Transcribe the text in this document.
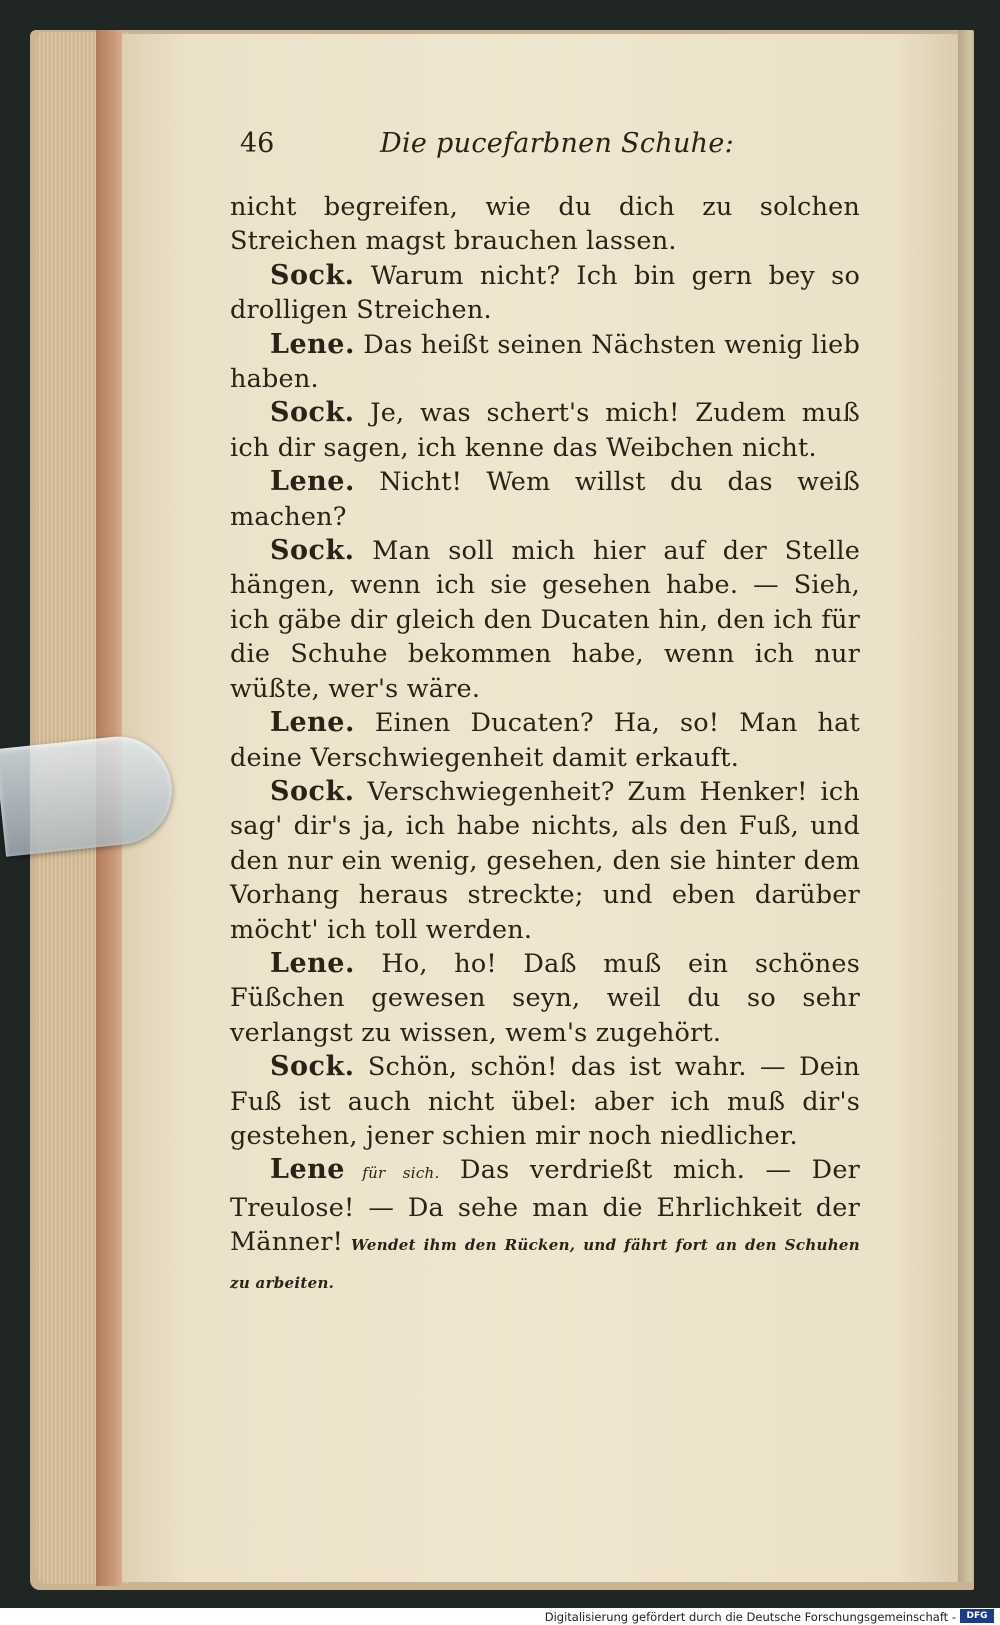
46	Die pucefarbnen Schuhe:

nicht begreifen, wie du dich zu solchen Streichen magst brauchen lassen.

Sock. Warum nicht? Ich bin gern bey so drolligen Streichen.

Lene. Das heißt seinen Nächsten wenig lieb haben.

Sock. Je, was schert's mich! Zudem muß ich dir sagen, ich kenne das Weibchen nicht.

Lene. Nicht! Wem willst du das weiß machen?

Sock. Man soll mich hier auf der Stelle hängen, wenn ich sie gesehen habe. — Sieh, ich gäbe dir gleich den Ducaten hin, den ich für die Schuhe bekommen habe, wenn ich nur wüßte, wer's wäre.

Lene. Einen Ducaten? Ha, so! Man hat deine Verschwiegenheit damit erkauft.

Sock. Verschwiegenheit? Zum Henker! ich sag' dir's ja, ich habe nichts, als den Fuß, und den nur ein wenig, gesehen, den sie hinter dem Vorhang heraus streckte; und eben darüber möcht' ich toll werden.

Lene. Ho, ho! Daß muß ein schönes Füßchen gewesen seyn, weil du so sehr verlangst zu wissen, wem's zugehört.

Sock. Schön, schön! das ist wahr. — Dein Fuß ist auch nicht übel: aber ich muß dir's gestehen, jener schien mir noch niedlicher.

Lene für sich. Das verdrießt mich. — Der Treulose! — Da sehe man die Ehrlichkeit der Männer! Wendet ihm den Rücken, und fährt fort an den Schuhen zu arbeiten.

Digitalisierung gefördert durch die Deutsche Forschungsgemeinschaft -	DFG
